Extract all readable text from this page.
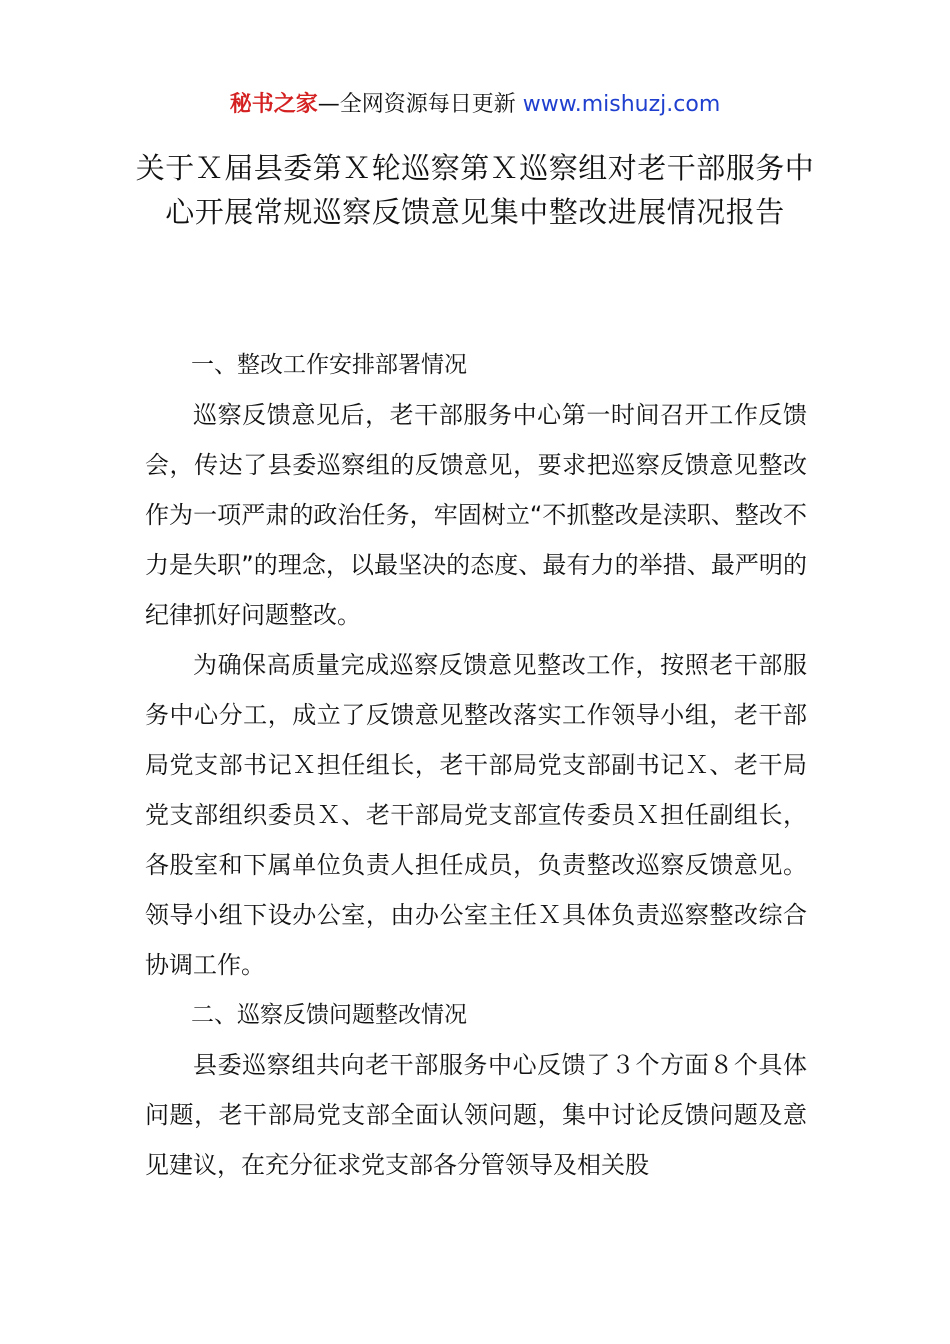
秘书之家—全网资源每日更新 www.mishuzj.com
关于Ｘ届县委第Ｘ轮巡察第Ｘ巡察组对老干部服务中心开展常规巡察反馈意见集中整改进展情况报告

一、整改工作安排部署情况

巡察反馈意见后，老干部服务中心第一时间召开工作反馈会，传达了县委巡察组的反馈意见，要求把巡察反馈意见整改作为一项严肃的政治任务，牢固树立“不抓整改是渎职、整改不力是失职”的理念，以最坚决的态度、最有力的举措、最严明的纪律抓好问题整改。

为确保高质量完成巡察反馈意见整改工作，按照老干部服务中心分工，成立了反馈意见整改落实工作领导小组，老干部局党支部书记Ｘ担任组长，老干部局党支部副书记Ｘ、老干局党支部组织委员Ｘ、老干部局党支部宣传委员Ｘ担任副组长，各股室和下属单位负责人担任成员，负责整改巡察反馈意见。领导小组下设办公室，由办公室主任Ｘ具体负责巡察整改综合协调工作。

二、巡察反馈问题整改情况

县委巡察组共向老干部服务中心反馈了３个方面８个具体问题，老干部局党支部全面认领问题，集中讨论反馈问题及意见建议，在充分征求党支部各分管领导及相关股
